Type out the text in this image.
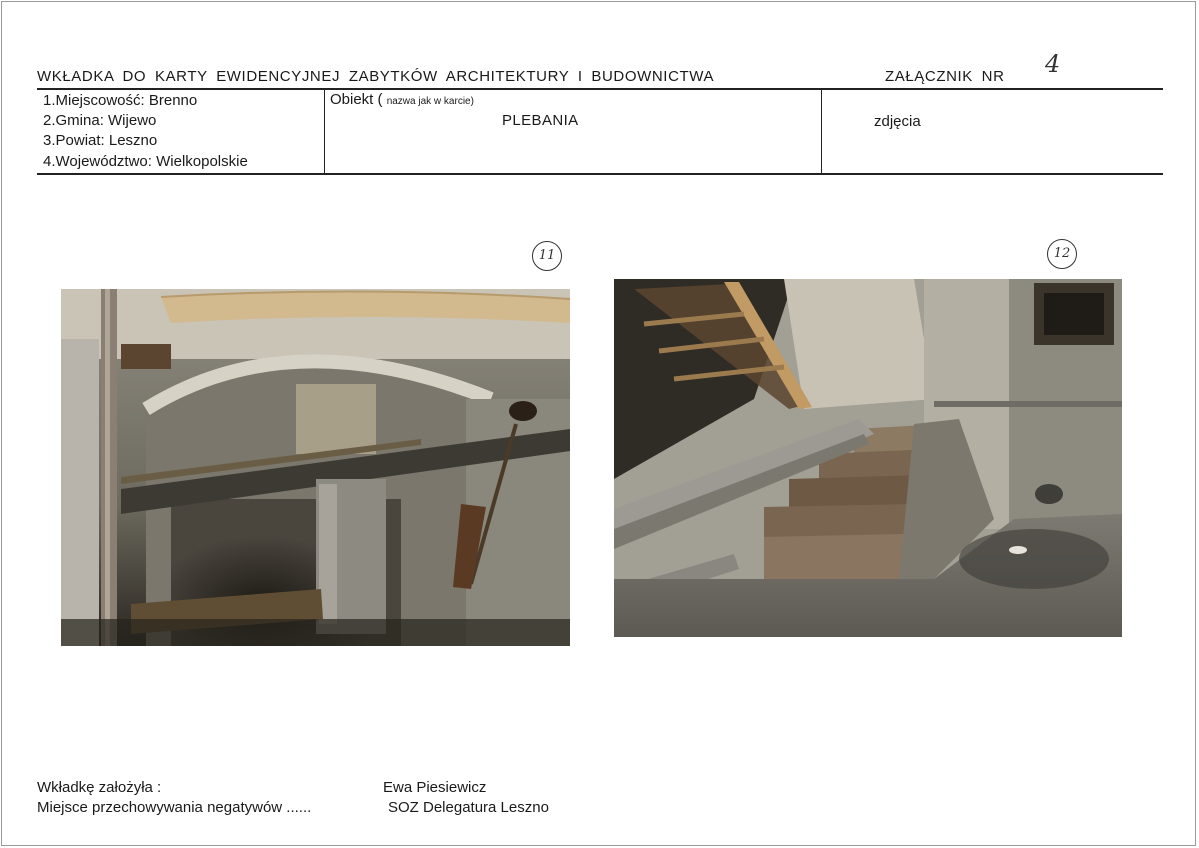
WKŁADKA DO KARTY EWIDENCYJNEJ ZABYTKÓW ARCHITEKTURY I BUDOWNICTWA	ZAŁĄCZNIK NR 4
1.Miejscowość: Brenno
2.Gmina: Wijewo
3.Powiat: Leszno
4.Województwo: Wielkopolskie
Obiekt ( nazwa jak w karcie)
PLEBANIA	zdjęcia
11	12
Wkładkę założyła :	Ewa Piesiewicz
Miejsce przechowywania negatywów ......	SOZ Delegatura Leszno
